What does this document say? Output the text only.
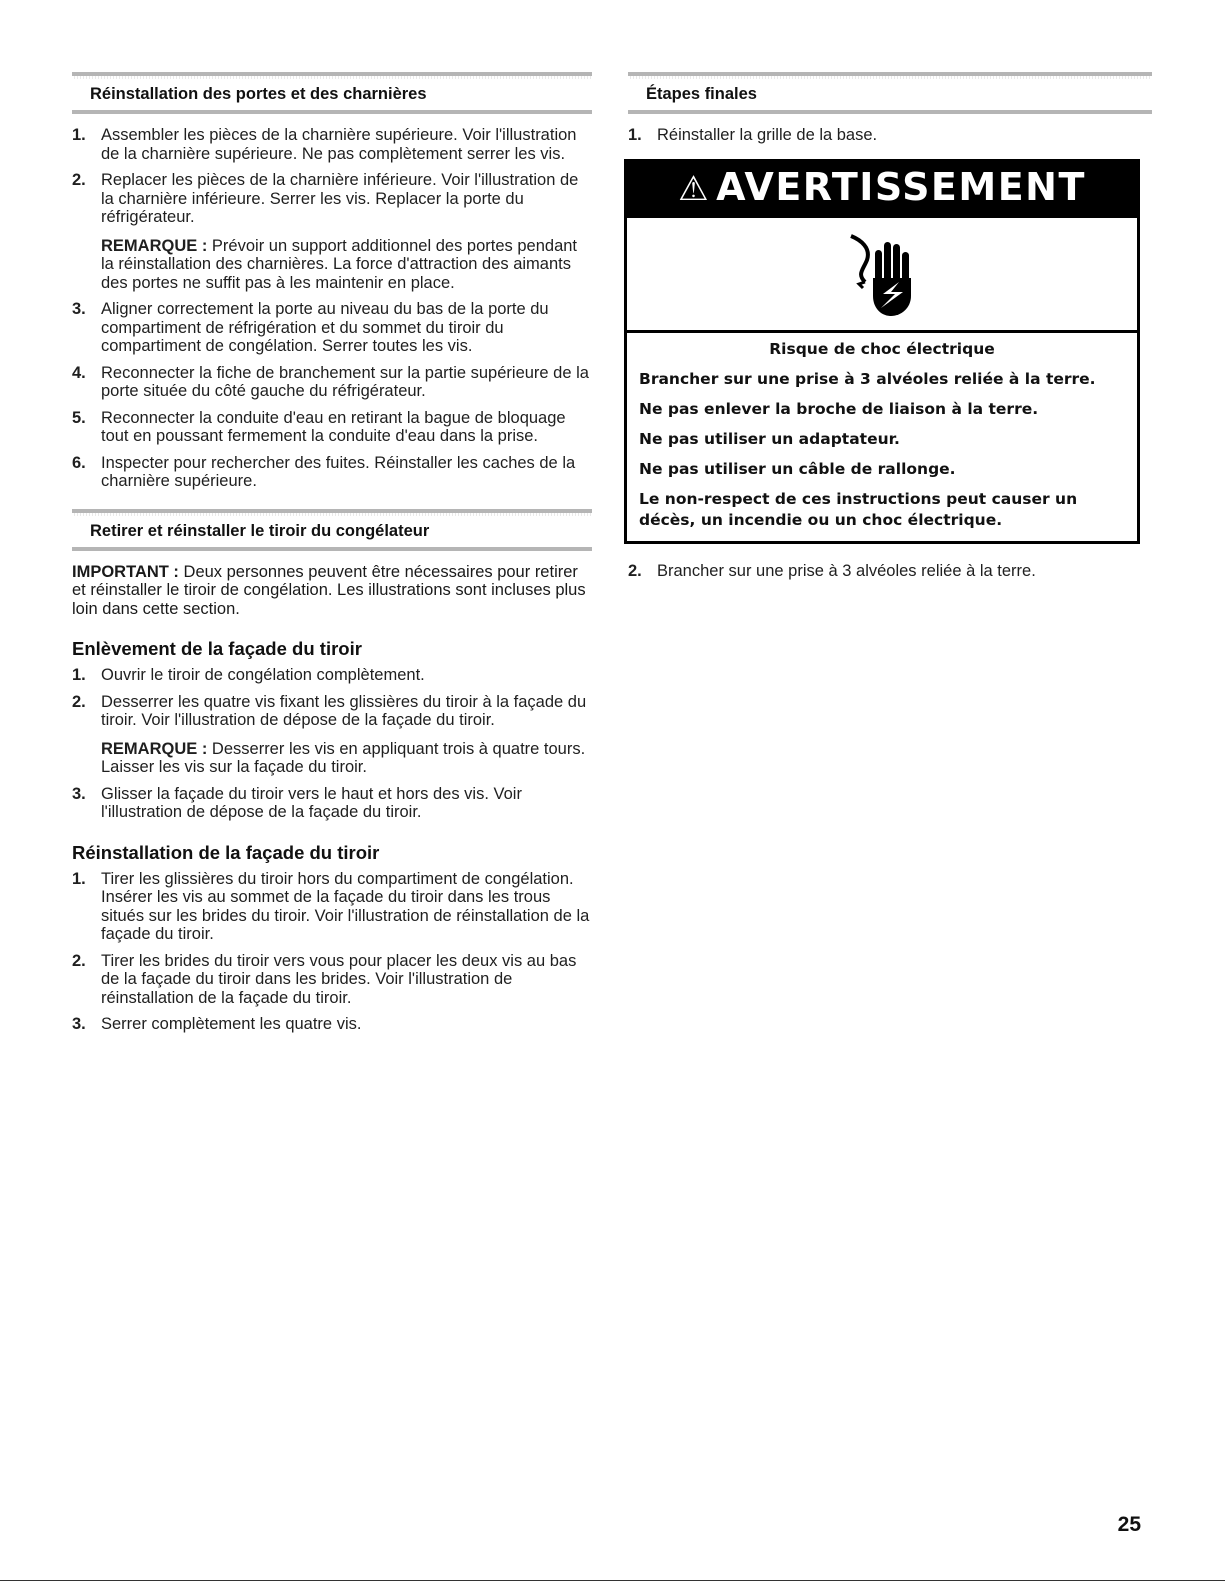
Réinstallation des portes et des charnières
1. Assembler les pièces de la charnière supérieure. Voir l'illustration de la charnière supérieure. Ne pas complètement serrer les vis.
2. Replacer les pièces de la charnière inférieure. Voir l'illustration de la charnière inférieure. Serrer les vis. Replacer la porte du réfrigérateur.
REMARQUE : Prévoir un support additionnel des portes pendant la réinstallation des charnières. La force d'attraction des aimants des portes ne suffit pas à les maintenir en place.
3. Aligner correctement la porte au niveau du bas de la porte du compartiment de réfrigération et du sommet du tiroir du compartiment de congélation. Serrer toutes les vis.
4. Reconnecter la fiche de branchement sur la partie supérieure de la porte située du côté gauche du réfrigérateur.
5. Reconnecter la conduite d'eau en retirant la bague de bloquage tout en poussant fermement la conduite d'eau dans la prise.
6. Inspecter pour rechercher des fuites. Réinstaller les caches de la charnière supérieure.
Retirer et réinstaller le tiroir du congélateur

IMPORTANT : Deux personnes peuvent être nécessaires pour retirer et réinstaller le tiroir de congélation. Les illustrations sont incluses plus loin dans cette section.

Enlèvement de la façade du tiroir
1. Ouvrir le tiroir de congélation complètement.
2. Desserrer les quatre vis fixant les glissières du tiroir à la façade du tiroir. Voir l'illustration de dépose de la façade du tiroir.
REMARQUE : Desserrer les vis en appliquant trois à quatre tours. Laisser les vis sur la façade du tiroir.
3. Glisser la façade du tiroir vers le haut et hors des vis. Voir l'illustration de dépose de la façade du tiroir.
Réinstallation de la façade du tiroir
1. Tirer les glissières du tiroir hors du compartiment de congélation. Insérer les vis au sommet de la façade du tiroir dans les trous situés sur les brides du tiroir. Voir l'illustration de réinstallation de la façade du tiroir.
2. Tirer les brides du tiroir vers vous pour placer les deux vis au bas de la façade du tiroir dans les brides. Voir l'illustration de réinstallation de la façade du tiroir.
3. Serrer complètement les quatre vis.
Étapes finales
1. Réinstaller la grille de la base.
⚠ AVERTISSEMENT

Risque de choc électrique

Brancher sur une prise à 3 alvéoles reliée à la terre.

Ne pas enlever la broche de liaison à la terre.

Ne pas utiliser un adaptateur.

Ne pas utiliser un câble de rallonge.

Le non-respect de ces instructions peut causer un décès, un incendie ou un choc électrique.

2. Brancher sur une prise à 3 alvéoles reliée à la terre.
25
